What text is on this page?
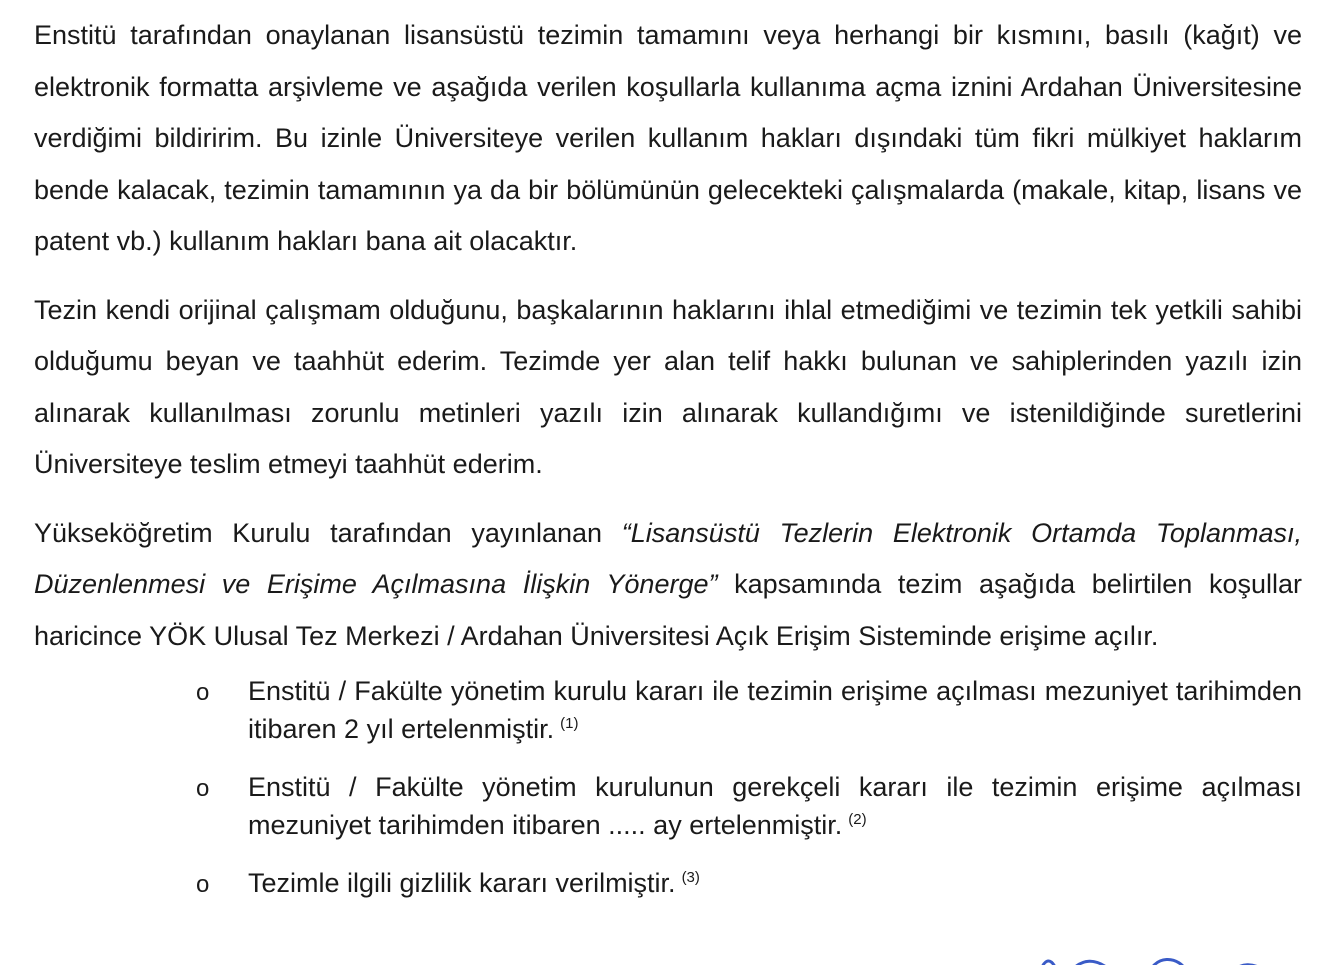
Enstitü tarafından onaylanan lisansüstü tezimin tamamını veya herhangi bir kısmını, basılı (kağıt) ve elektronik formatta arşivleme ve aşağıda verilen koşullarla kullanıma açma iznini Ardahan Üniversitesine verdiğimi bildiririm. Bu izinle Üniversiteye verilen kullanım hakları dışındaki tüm fikri mülkiyet haklarım bende kalacak, tezimin tamamının ya da bir bölümünün gelecekteki çalışmalarda (makale, kitap, lisans ve patent vb.) kullanım hakları bana ait olacaktır.

Tezin kendi orijinal çalışmam olduğunu, başkalarının haklarını ihlal etmediğimi ve tezimin tek yetkili sahibi olduğumu beyan ve taahhüt ederim. Tezimde yer alan telif hakkı bulunan ve sahiplerinden yazılı izin alınarak kullanılması zorunlu metinleri yazılı izin alınarak kullandığımı ve istenildiğinde suretlerini Üniversiteye teslim etmeyi taahhüt ederim.

Yükseköğretim Kurulu tarafından yayınlanan “Lisansüstü Tezlerin Elektronik Ortamda Toplanması, Düzenlenmesi ve Erişime Açılmasına İlişkin Yönerge” kapsamında tezim aşağıda belirtilen koşullar haricince YÖK Ulusal Tez Merkezi / Ardahan Üniversitesi Açık Erişim Sisteminde erişime açılır.

o Enstitü / Fakülte yönetim kurulu kararı ile tezimin erişime açılması mezuniyet tarihimden itibaren 2 yıl ertelenmiştir. $^{(1)}$
o Enstitü / Fakülte yönetim kurulunun gerekçeli kararı ile tezimin erişime açılması mezuniyet tarihimden itibaren ..... ay ertelenmiştir. $^{(2)}$
o Tezimle ilgili gizlilik kararı verilmiştir. $^{(3)}$
